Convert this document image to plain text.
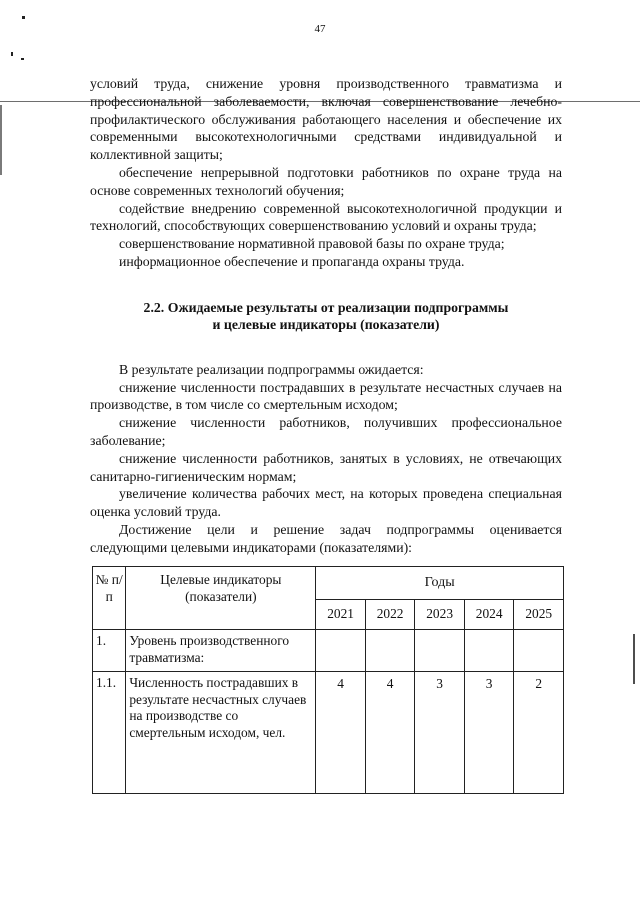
47

условий труда, снижение уровня производственного травматизма и профессиональной заболеваемости, включая совершенствование лечебно-профилактического обслуживания работающего населения и обеспечение их современными высокотехнологичными средствами индивидуальной и коллективной защиты;

обеспечение непрерывной подготовки работников по охране труда на основе современных технологий обучения;

содействие внедрению современной высокотехнологичной продукции и технологий, способствующих совершенствованию условий и охраны труда;

совершенствование нормативной правовой базы по охране труда;

информационное обеспечение и пропаганда охраны труда.

2.2. Ожидаемые результаты от реализации подпрограммы
и целевые индикаторы (показатели)

В результате реализации подпрограммы ожидается:

снижение численности пострадавших в результате несчастных случаев на производстве, в том числе со смертельным исходом;

снижение численности работников, получивших профессиональное заболевание;

снижение численности работников, занятых в условиях, не отвечающих санитарно-гигиеническим нормам;

увеличение количества рабочих мест, на которых проведена специальная оценка условий труда.

Достижение цели и решение задач подпрограммы оценивается следующими целевыми индикаторами (показателями):

№ п/п	Целевые индикаторы (показатели)	Годы				
		2021	2022	2023	2024	2025
1.	Уровень производственного травматизма:					
1.1.	Численность пострадавших в результате несчастных случаев на производстве со смертельным исходом, чел.	4	4	3	3	2
